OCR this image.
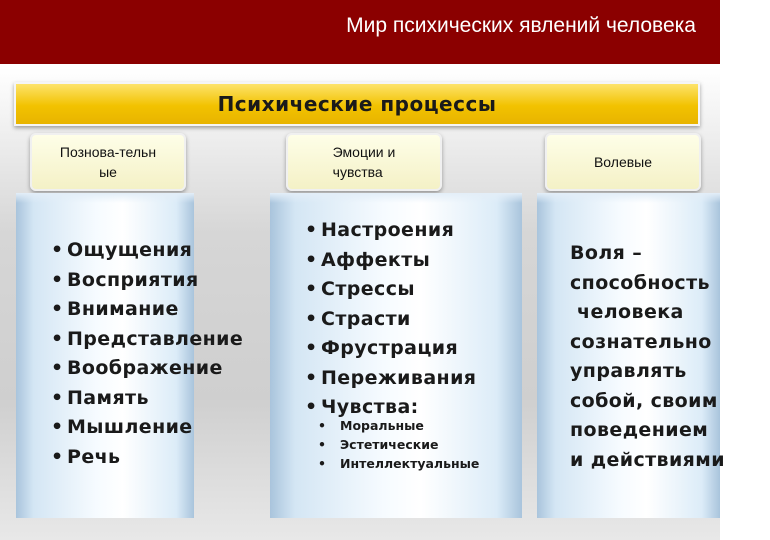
Мир психических явлений человека
Психические процессы
Познова-тельн
ые
Эмоции и
чувства
Волевые
• Ощущения
• Восприятия
• Внимание
• Представление
• Воображение
• Память
• Мышление
• Речь
• Настроения
• Аффекты
• Стрессы
• Страсти
• Фрустрация
• Переживания
• Чувства:
• Моральные
• Эстетические
• Интеллектуальные
Воля –
способность
человека
сознательно
управлять
собой, своим
поведением
и действиями
